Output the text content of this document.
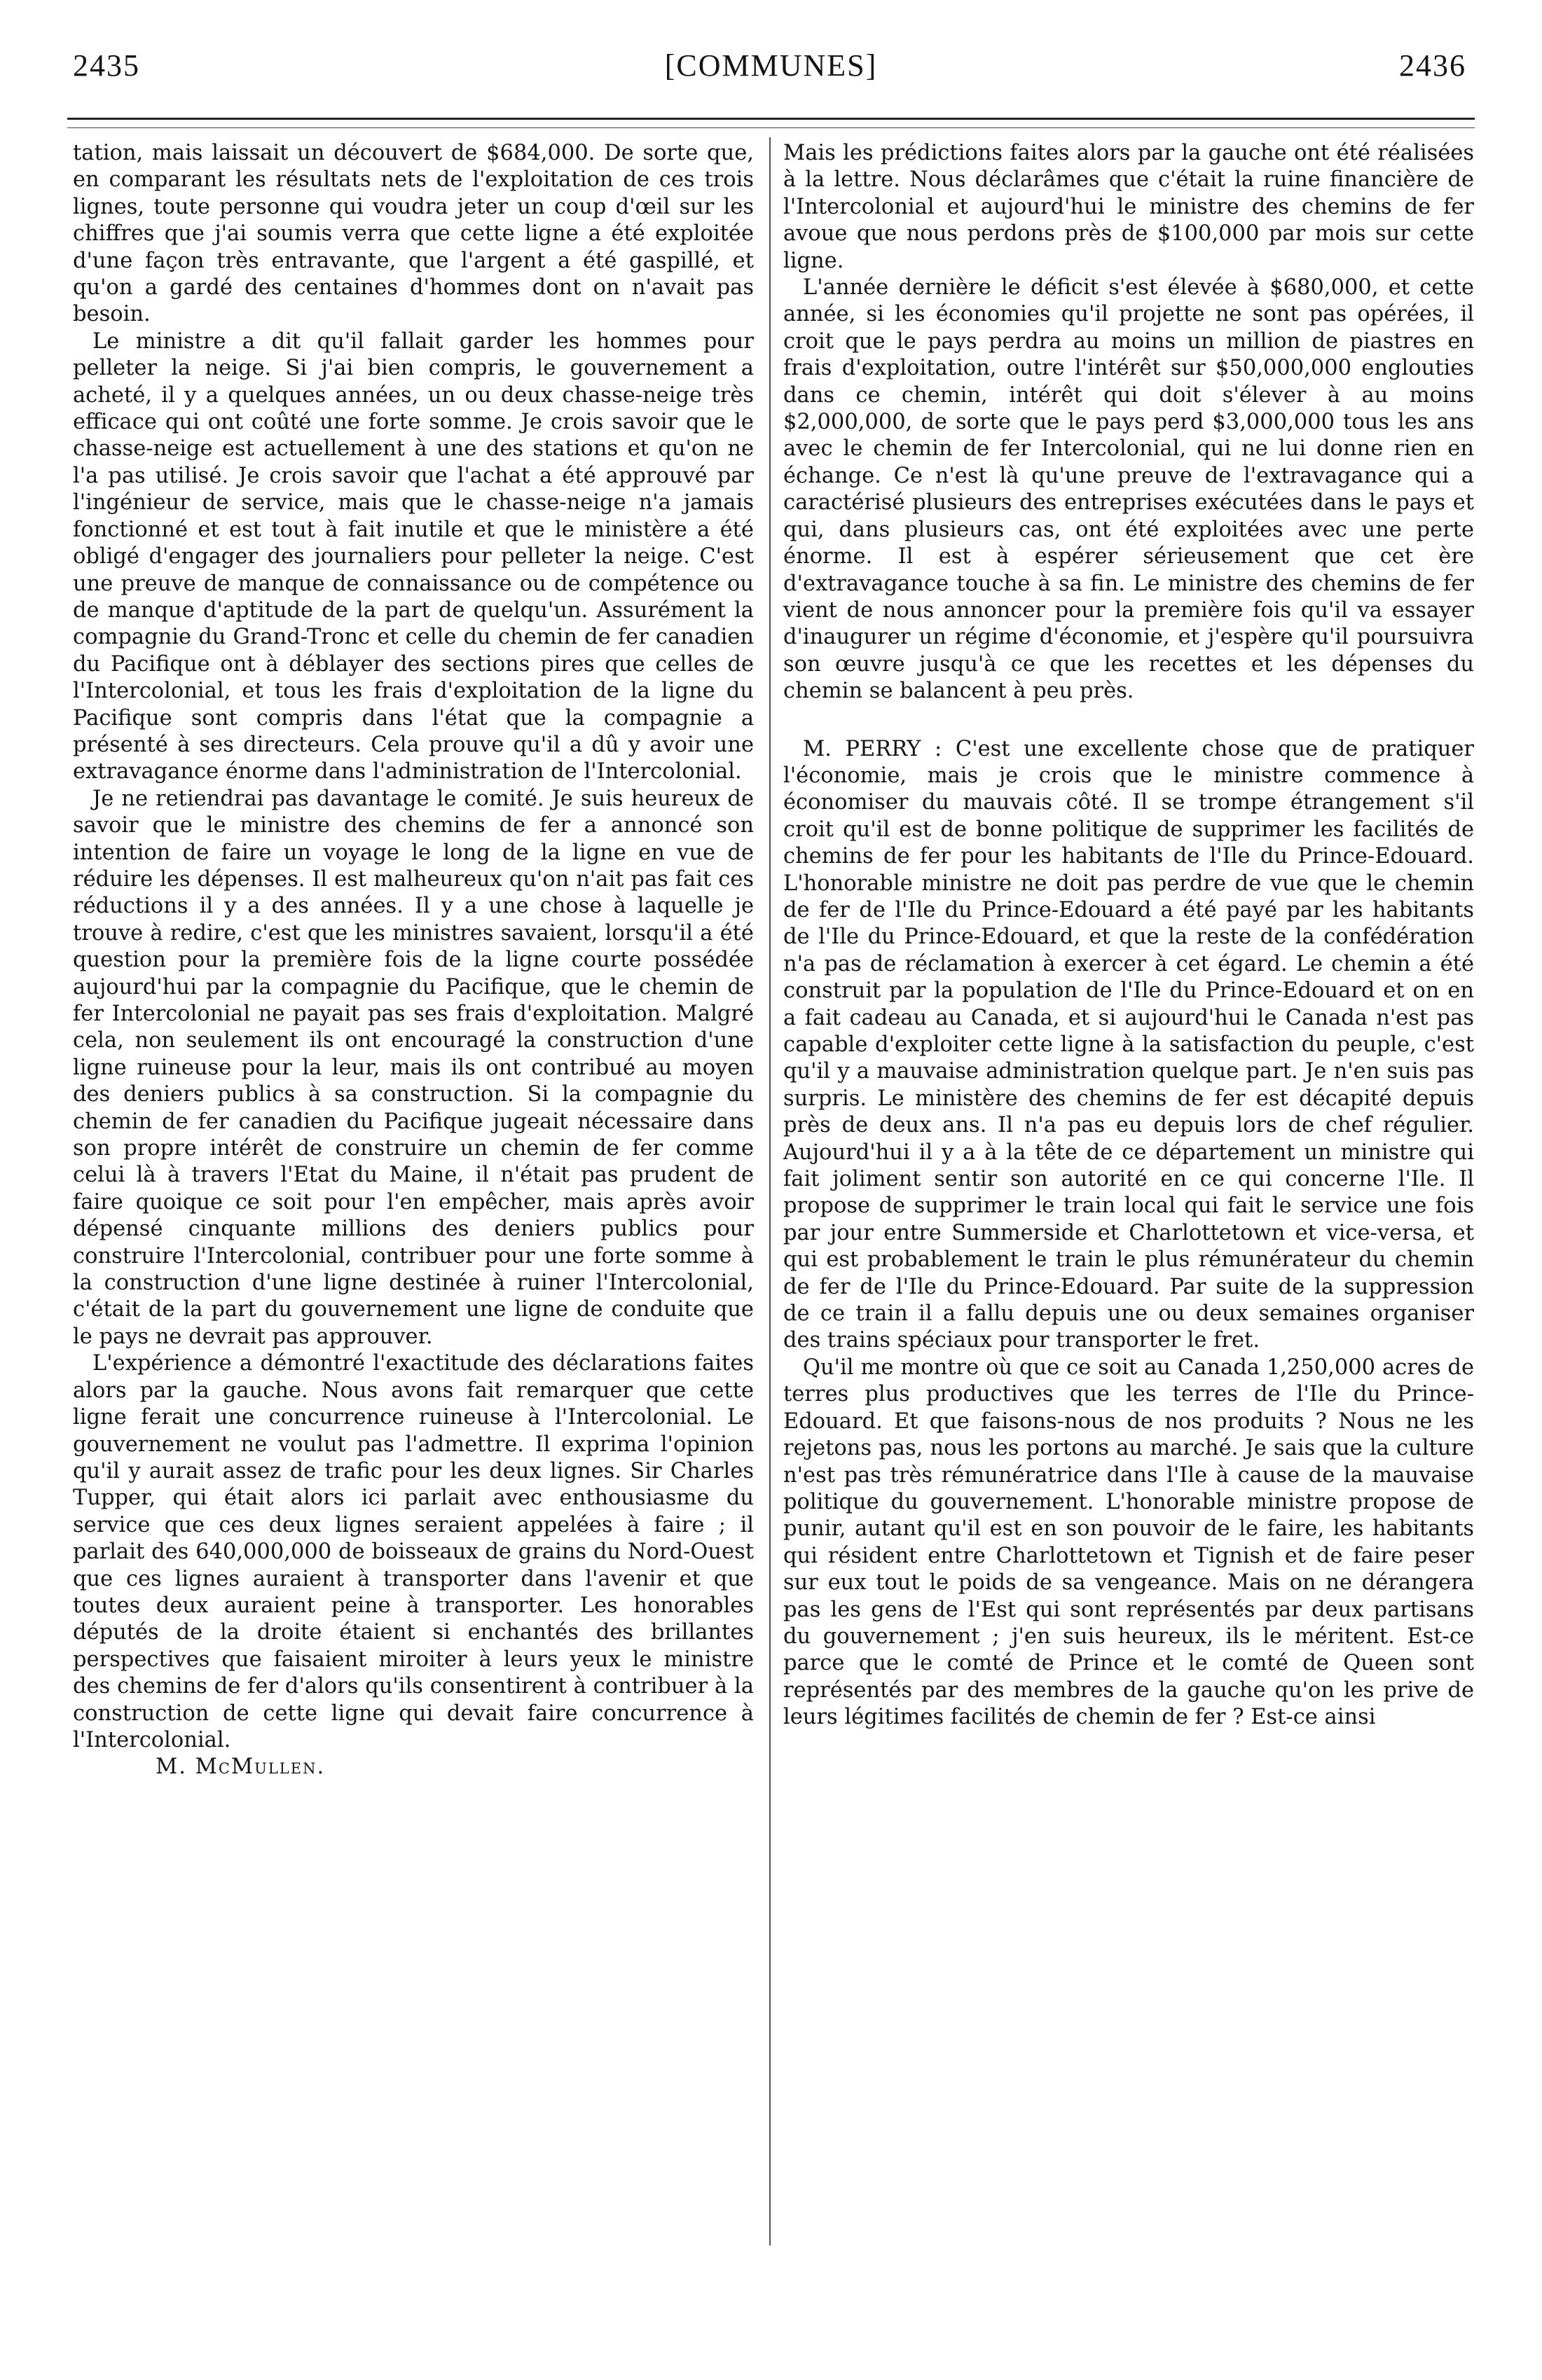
2435	[COMMUNES]	2436

tation, mais laissait un découvert de $684,000. De sorte que, en comparant les résultats nets de l'exploitation de ces trois lignes, toute personne qui voudra jeter un coup d'œil sur les chiffres que j'ai soumis verra que cette ligne a été exploitée d'une façon très entravante, que l'argent a été gaspillé, et qu'on a gardé des centaines d'hommes dont on n'avait pas besoin.

Le ministre a dit qu'il fallait garder les hommes pour pelleter la neige. Si j'ai bien compris, le gouvernement a acheté, il y a quelques années, un ou deux chasse-neige très efficace qui ont coûté une forte somme. Je crois savoir que le chasse-neige est actuellement à une des stations et qu'on ne l'a pas utilisé. Je crois savoir que l'achat a été approuvé par l'ingénieur de service, mais que le chasse-neige n'a jamais fonctionné et est tout à fait inutile et que le ministère a été obligé d'engager des journaliers pour pelleter la neige. C'est une preuve de manque de connaissance ou de compétence ou de manque d'aptitude de la part de quelqu'un. Assurément la compagnie du Grand-Tronc et celle du chemin de fer canadien du Pacifique ont à déblayer des sections pires que celles de l'Intercolonial, et tous les frais d'exploitation de la ligne du Pacifique sont compris dans l'état que la compagnie a présenté à ses directeurs. Cela prouve qu'il a dû y avoir une extravagance énorme dans l'administration de l'Intercolonial.

Je ne retiendrai pas davantage le comité. Je suis heureux de savoir que le ministre des chemins de fer a annoncé son intention de faire un voyage le long de la ligne en vue de réduire les dépenses. Il est malheureux qu'on n'ait pas fait ces réductions il y a des années. Il y a une chose à laquelle je trouve à redire, c'est que les ministres savaient, lorsqu'il a été question pour la première fois de la ligne courte possédée aujourd'hui par la compagnie du Pacifique, que le chemin de fer Intercolonial ne payait pas ses frais d'exploitation. Malgré cela, non seulement ils ont encouragé la construction d'une ligne ruineuse pour la leur, mais ils ont contribué au moyen des deniers publics à sa construction. Si la compagnie du chemin de fer canadien du Pacifique jugeait nécessaire dans son propre intérêt de construire un chemin de fer comme celui là à travers l'Etat du Maine, il n'était pas prudent de faire quoique ce soit pour l'en empêcher, mais après avoir dépensé cinquante millions des deniers publics pour construire l'Intercolonial, contribuer pour une forte somme à la construction d'une ligne destinée à ruiner l'Intercolonial, c'était de la part du gouvernement une ligne de conduite que le pays ne devrait pas approuver.

L'expérience a démontré l'exactitude des déclarations faites alors par la gauche. Nous avons fait remarquer que cette ligne ferait une concurrence ruineuse à l'Intercolonial. Le gouvernement ne voulut pas l'admettre. Il exprima l'opinion qu'il y aurait assez de trafic pour les deux lignes. Sir Charles Tupper, qui était alors ici parlait avec enthousiasme du service que ces deux lignes seraient appelées à faire ; il parlait des 640,000,000 de boisseaux de grains du Nord-Ouest que ces lignes auraient à transporter dans l'avenir et que toutes deux auraient peine à transporter. Les honorables députés de la droite étaient si enchantés des brillantes perspectives que faisaient miroiter à leurs yeux le ministre des chemins de fer d'alors qu'ils consentirent à contribuer à la construction de cette ligne qui devait faire concurrence à l'Intercolonial.

M. McMullen.

Mais les prédictions faites alors par la gauche ont été réalisées à la lettre. Nous déclarâmes que c'était la ruine financière de l'Intercolonial et aujourd'hui le ministre des chemins de fer avoue que nous perdons près de $100,000 par mois sur cette ligne.

L'année dernière le déficit s'est élevée à $680,000, et cette année, si les économies qu'il projette ne sont pas opérées, il croit que le pays perdra au moins un million de piastres en frais d'exploitation, outre l'intérêt sur $50,000,000 englouties dans ce chemin, intérêt qui doit s'élever à au moins $2,000,000, de sorte que le pays perd $3,000,000 tous les ans avec le chemin de fer Intercolonial, qui ne lui donne rien en échange. Ce n'est là qu'une preuve de l'extravagance qui a caractérisé plusieurs des entreprises exécutées dans le pays et qui, dans plusieurs cas, ont été exploitées avec une perte énorme. Il est à espérer sérieusement que cet ère d'extravagance touche à sa fin. Le ministre des chemins de fer vient de nous annoncer pour la première fois qu'il va essayer d'inaugurer un régime d'économie, et j'espère qu'il poursuivra son œuvre jusqu'à ce que les recettes et les dépenses du chemin se balancent à peu près.

M. PERRY : C'est une excellente chose que de pratiquer l'économie, mais je crois que le ministre commence à économiser du mauvais côté. Il se trompe étrangement s'il croit qu'il est de bonne politique de supprimer les facilités de chemins de fer pour les habitants de l'Ile du Prince-Edouard. L'honorable ministre ne doit pas perdre de vue que le chemin de fer de l'Ile du Prince-Edouard a été payé par les habitants de l'Ile du Prince-Edouard, et que la reste de la confédération n'a pas de réclamation à exercer à cet égard. Le chemin a été construit par la population de l'Ile du Prince-Edouard et on en a fait cadeau au Canada, et si aujourd'hui le Canada n'est pas capable d'exploiter cette ligne à la satisfaction du peuple, c'est qu'il y a mauvaise administration quelque part. Je n'en suis pas surpris. Le ministère des chemins de fer est décapité depuis près de deux ans. Il n'a pas eu depuis lors de chef régulier. Aujourd'hui il y a à la tête de ce département un ministre qui fait joliment sentir son autorité en ce qui concerne l'Ile. Il propose de supprimer le train local qui fait le service une fois par jour entre Summerside et Charlottetown et vice-versa, et qui est probablement le train le plus rémunérateur du chemin de fer de l'Ile du Prince-Edouard. Par suite de la suppression de ce train il a fallu depuis une ou deux semaines organiser des trains spéciaux pour transporter le fret.

Qu'il me montre où que ce soit au Canada 1,250,000 acres de terres plus productives que les terres de l'Ile du Prince-Edouard. Et que faisons-nous de nos produits ? Nous ne les rejetons pas, nous les portons au marché. Je sais que la culture n'est pas très rémunératrice dans l'Ile à cause de la mauvaise politique du gouvernement. L'honorable ministre propose de punir, autant qu'il est en son pouvoir de le faire, les habitants qui résident entre Charlottetown et Tignish et de faire peser sur eux tout le poids de sa vengeance. Mais on ne dérangera pas les gens de l'Est qui sont représentés par deux partisans du gouvernement ; j'en suis heureux, ils le méritent. Est-ce parce que le comté de Prince et le comté de Queen sont représentés par des membres de la gauche qu'on les prive de leurs légitimes facilités de chemin de fer ? Est-ce ainsi
